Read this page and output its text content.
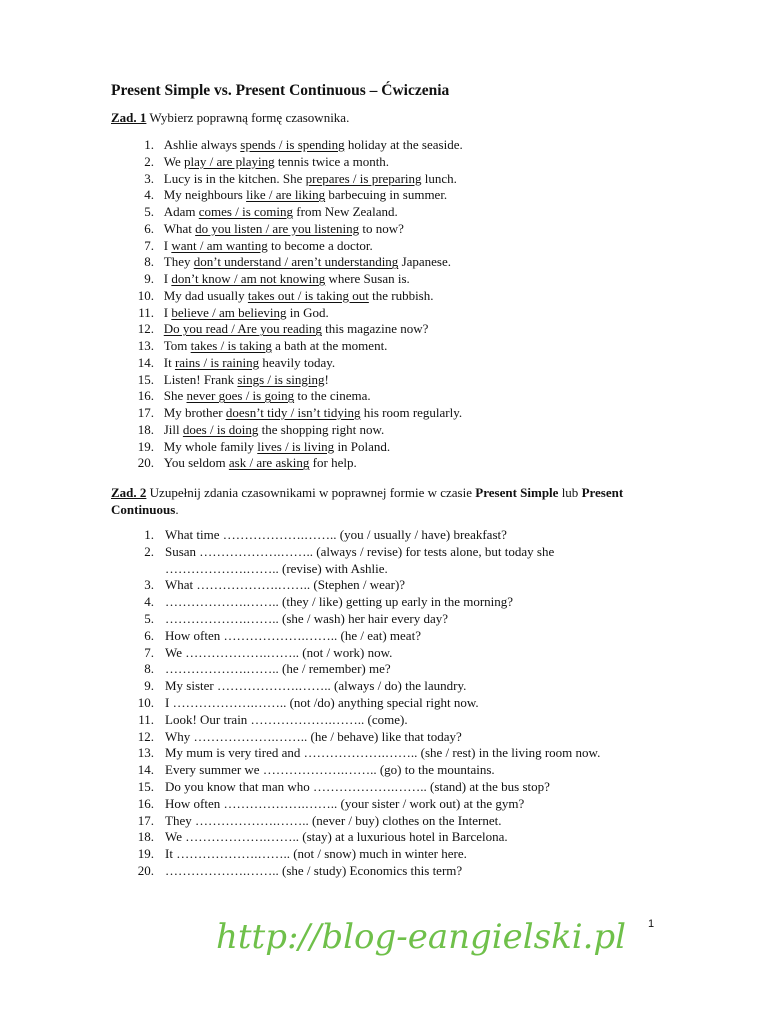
Present Simple vs. Present Continuous – Ćwiczenia
Zad. 1 Wybierz poprawną formę czasownika.
1. Ashlie always spends / is spending holiday at the seaside.
2. We play / are playing tennis twice a month.
3. Lucy is in the kitchen. She prepares / is preparing lunch.
4. My neighbours like / are liking barbecuing in summer.
5. Adam comes / is coming from New Zealand.
6. What do you listen / are you listening to now?
7. I want / am wanting to become a doctor.
8. They don’t understand / aren’t understanding Japanese.
9. I don’t know / am not knowing where Susan is.
10. My dad usually takes out / is taking out the rubbish.
11. I believe / am believing in God.
12. Do you read / Are you reading this magazine now?
13. Tom takes / is taking a bath at the moment.
14. It rains / is raining heavily today.
15. Listen! Frank sings / is singing!
16. She never goes / is going to the cinema.
17. My brother doesn’t tidy / isn’t tidying his room regularly.
18. Jill does / is doing the shopping right now.
19. My whole family lives / is living in Poland.
20. You seldom ask / are asking for help.
Zad. 2 Uzupełnij zdania czasownikami w poprawnej formie w czasie Present Simple lub Present Continuous.
1. What time ……………….…….. (you / usually / have) breakfast?
2. Susan ……………….…….. (always / revise) for tests alone, but today she ……………….…….. (revise) with Ashlie.
3. What ……………….…….. (Stephen / wear)?
4. ……………….…….. (they / like) getting up early in the morning?
5. ……………….…….. (she / wash) her hair every day?
6. How often ……………….…….. (he / eat) meat?
7. We ……………….…….. (not / work) now.
8. ……………….…….. (he / remember) me?
9. My sister ……………….…….. (always / do) the laundry.
10. I ……………….…….. (not /do) anything special right now.
11. Look! Our train ……………….…….. (come).
12. Why ……………….…….. (he / behave) like that today?
13. My mum is very tired and ……………….…….. (she / rest) in the living room now.
14. Every summer we ……………….…….. (go) to the mountains.
15. Do you know that man who ……………….…….. (stand) at the bus stop?
16. How often ……………….…….. (your sister / work out) at the gym?
17. They ……………….…….. (never / buy) clothes on the Internet.
18. We ……………….…….. (stay) at a luxurious hotel in Barcelona.
19. It ……………….…….. (not / snow) much in winter here.
20. ……………….…….. (she / study) Economics this term?
1
http://blog-eangielski.pl
